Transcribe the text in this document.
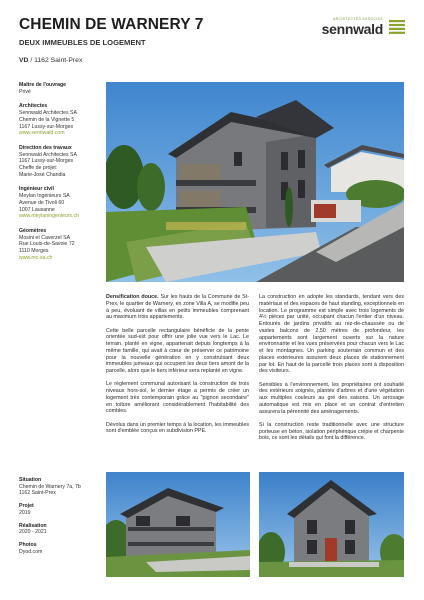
CHEMIN DE WARNERY 7
DEUX IMMEUBLES DE LOGEMENT
VD / 1162 Saint-Prex
ARCHITECTES ASSOCIES
sennwald
Maître de l'ouvrage
Privé
Architectes
Sennwald Architectes SA
Chemin de la Vignette 5
1167 Lussy-sur-Morges
www.sennwald.com
Direction des travaux
Sennwald Architectes SA
1167 Lussy-sur-Morges
Cheffe de projet:
Marie-José Chandia
Ingénieur civil
Meylan Ingénieurs SA
Avenue de Tivoli 60
1007 Lausanne
www.meylaningenieurs.ch
Géomètres
Mosini et Caverzel SA
Rue Louis-de-Savoie 72
1110 Morges
www.mc-sa.ch
Situation
Chemin de Warnery 7a, 7b
1162 Saint-Prex
Projet
2019
Réalisation
2020 - 2021
Photos
Dyod.com

Densification douce. Sur les hauts de la Commune de St-Prex, le quartier de Warnery, en zone Villa A, se modifie peu à peu, évoluant de villas en petits immeubles comprenant au maximum trois appartements.

Cette belle parcelle rectangulaire bénéficie de la pente orientée sud-est pour offrir une jolie vue vers le Lac. Le terrain, planté en vigne, appartenait depuis longtemps à la même famille, qui avait à cœur de préserver ce patrimoine pour la nouvelle génération en y construisant deux immeubles jumeaux qui occupent les deux tiers amont de la parcelle, alors que le tiers inférieur sera replanté en vigne.

Le règlement communal autorisant la construction de trois niveaux hors-sol, le dernier étage a permis de créer un logement très contemporain grâce au "pignon secondaire" en toiture améliorant considérablement l'habitabilité des combles.

Dévolus dans un premier temps à la location, les immeubles sont d'emblée conçus en subdivision PPE.

La construction en adopte les standards, tendant vers des matériaux et des espaces de haut standing, exceptionnels en location. Le programme est simple avec trois logements de 4½ pièces par unité, occupant chacun l'entier d'un niveau. Entourés de jardins privatifs au rez-de-chaussée ou de vastes balcons de 2,50 mètres de profondeur, les appartements sont largement ouverts sur la nature environnante et les vues préservées pour chacun vers le Lac et les montagnes. Un parking souterrain commun et des places extérieures assurent deux places de stationnement par lot. En haut de la parcelle trois places sont à disposition des visiteurs.

Sensibles à l'environnement, les propriétaires ont souhaité des extérieurs soignés, plantés d'arbres et d'une végétation aux multiples couleurs au gré des saisons. Un arrosage automatique est mis en place et un contrat d'entretien assurera la pérennité des aménagements.

Si la construction reste traditionnelle avec une structure porteuse en béton, isolation périphérique crépie et charpente bois, ce sont les détails qui font la différence.
